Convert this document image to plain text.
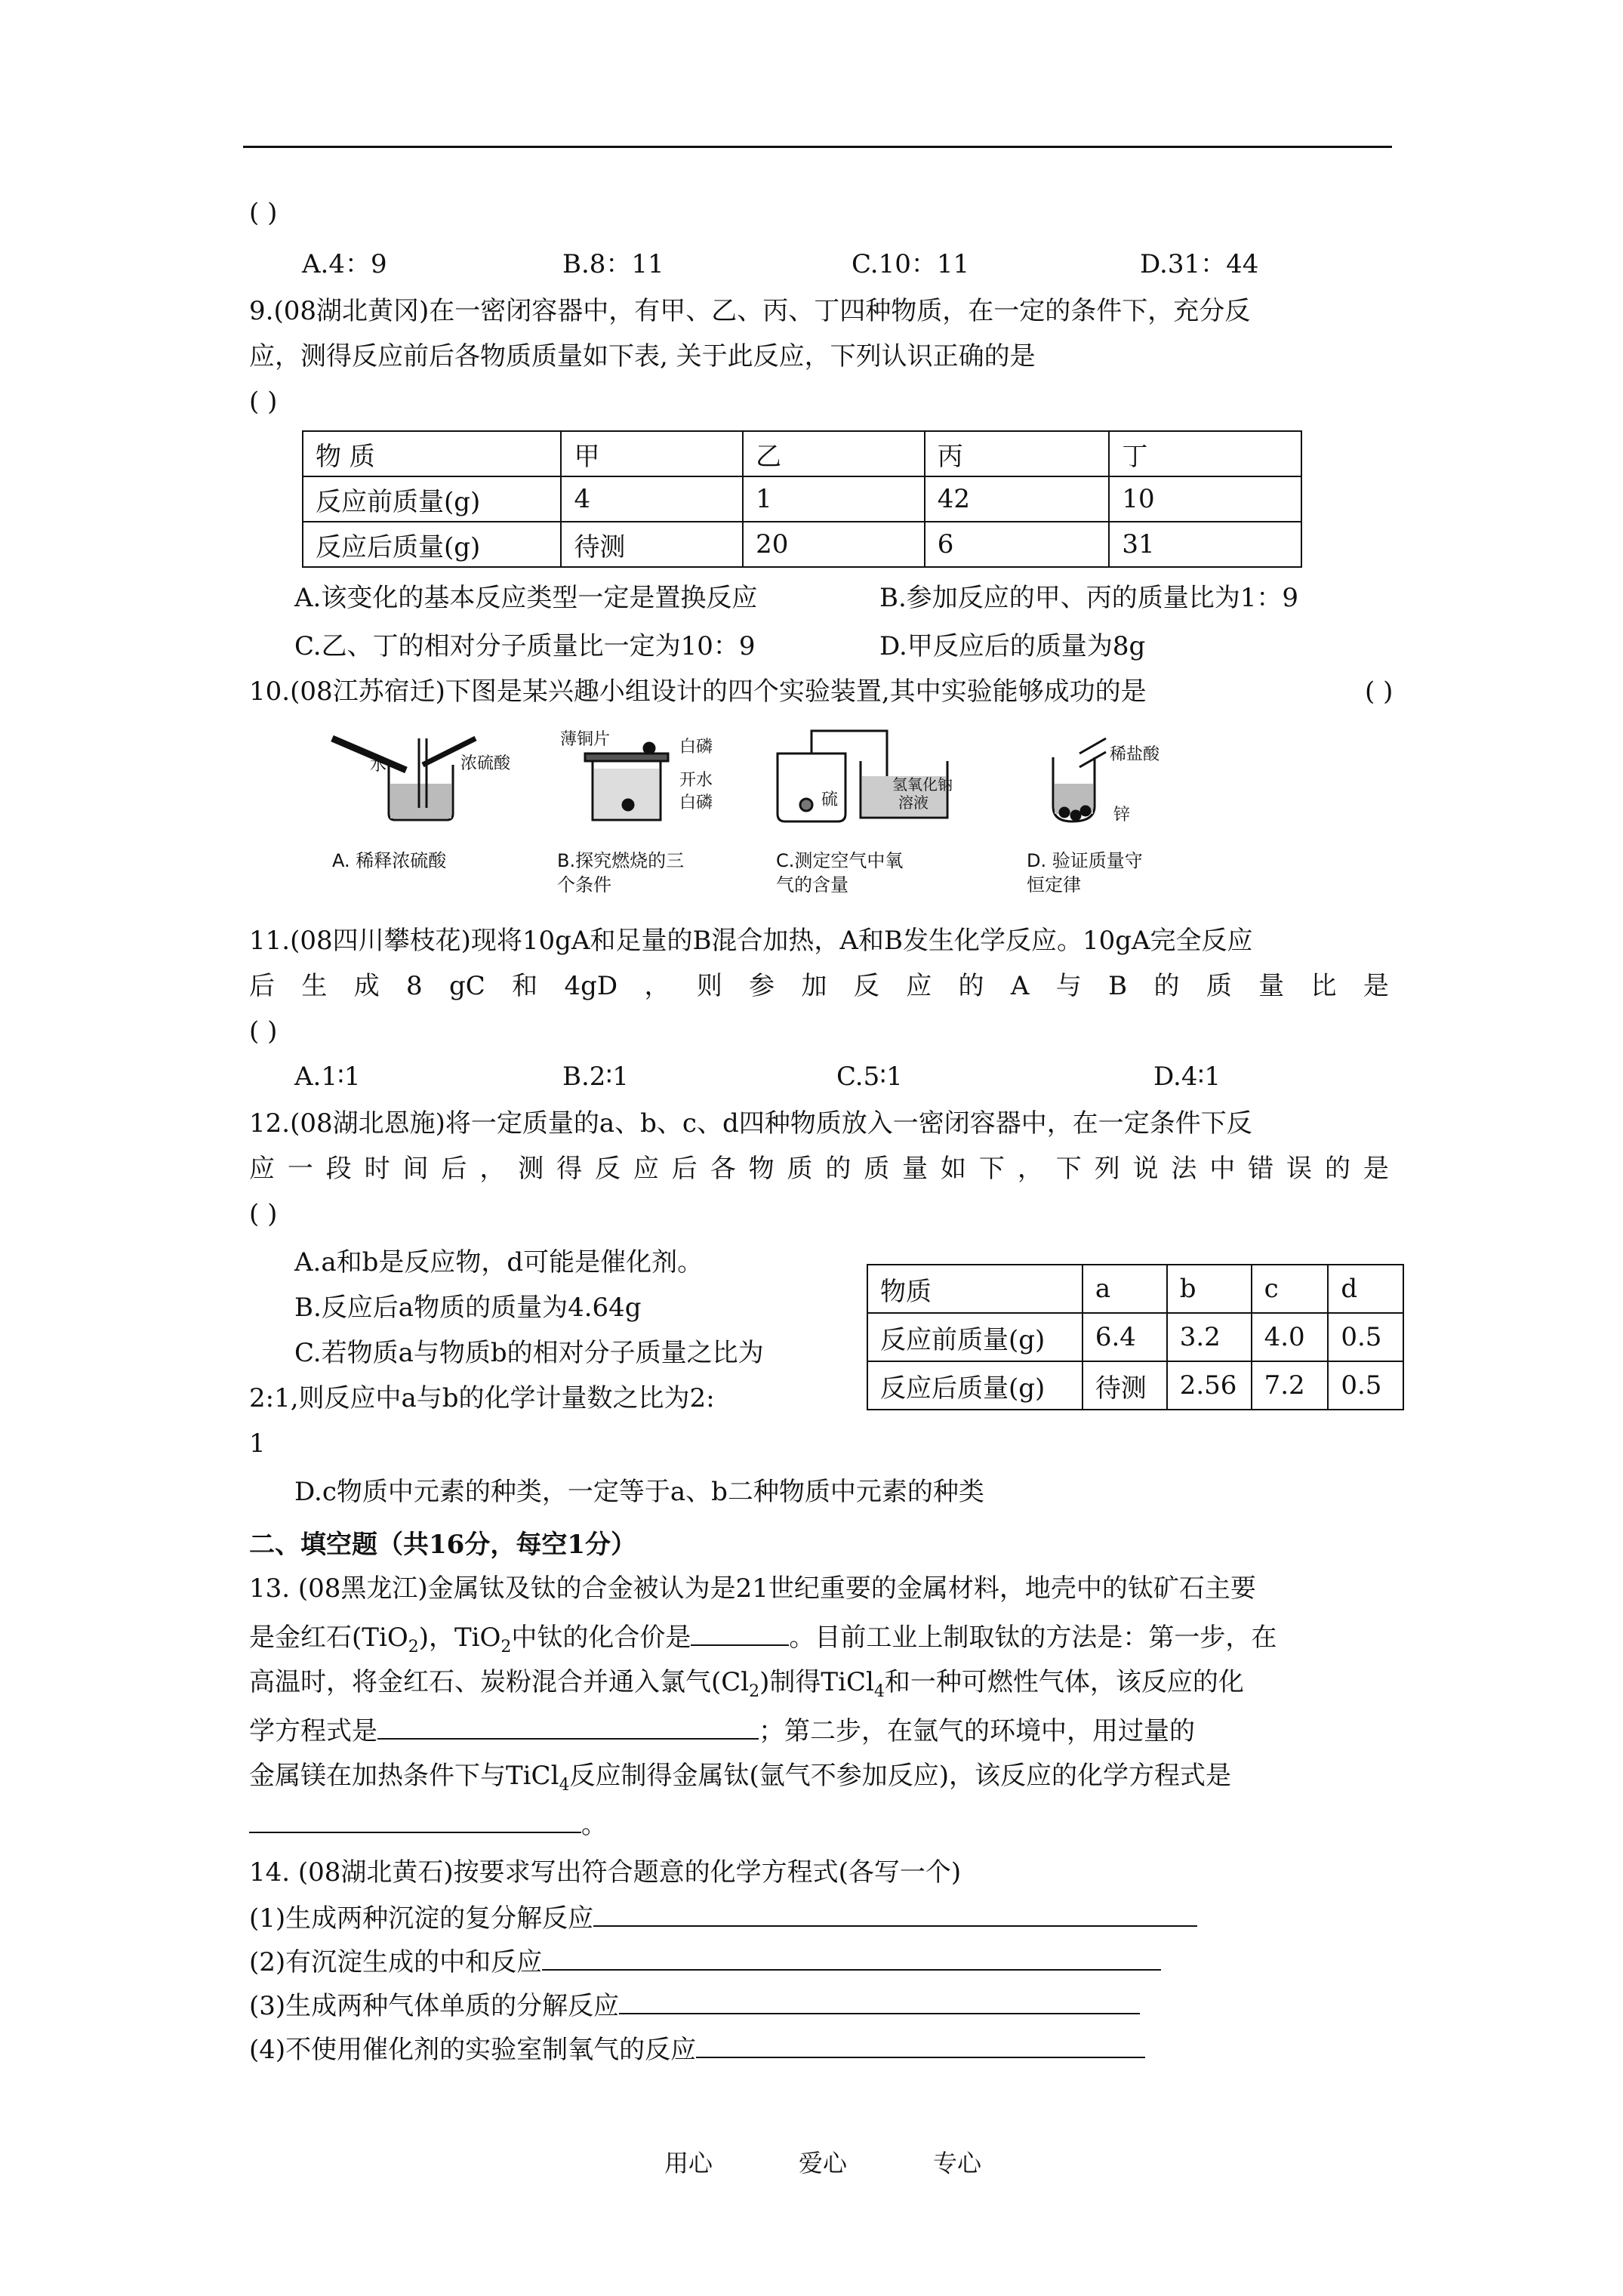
( )
A.4：9	B.8：11	C.10：11	D.31：44
9.(08湖北黄冈)在一密闭容器中，有甲、乙、丙、丁四种物质，在一定的条件下，充分反
应，测得反应前后各物质质量如下表, 关于此反应，下列认识正确的是
( )
物 质	甲	乙	丙	丁
反应前质量(g)	4	1	42	10
反应后质量(g)	待测	20	6	31
A.该变化的基本反应类型一定是置换反应	B.参加反应的甲、丙的质量比为1：9
C.乙、丁的相对分子质量比一定为10：9	D.甲反应后的质量为8g
10.(08江苏宿迁)下图是某兴趣小组设计的四个实验装置,其中实验能够成功的是	( )
水	浓硫酸
A. 稀释浓硫酸
薄铜片	白磷
开水
白磷
B.探究燃烧的三
个条件
硫
氢氧化钠
溶液
C.测定空气中氧
气的含量
稀盐酸
锌
D. 验证质量守
恒定律
11.(08四川攀枝花)现将10gA和足量的B混合加热，A和B发生化学反应。10gA完全反应
后 生 成 8 gC 和 4gD ， 则 参 加 反 应 的 A 与 B 的 质 量 比 是
( )
A.1∶1	B.2∶1	C.5∶1	D.4∶1
12.(08湖北恩施)将一定质量的a、b、c、d四种物质放入一密闭容器中，在一定条件下反
应 一 段 时 间 后 ， 测 得 反 应 后 各 物 质 的 质 量 如 下 ， 下 列 说 法 中 错 误 的 是
( )
A.a和b是反应物，d可能是催化剂。
B.反应后a物质的质量为4.64g
C.若物质a与物质b的相对分子质量之比为
2:1,则反应中a与b的化学计量数之比为2:
1
D.c物质中元素的种类，一定等于a、b二种物质中元素的种类
物质	a	b	c	d
反应前质量(g)	6.4	3.2	4.0	0.5
反应后质量(g)	待测	2.56	7.2	0.5
二、填空题（共16分，每空1分）
13. (08黑龙江)金属钛及钛的合金被认为是21世纪重要的金属材料，地壳中的钛矿石主要
是金红石(TiO$_2$)，TiO$_2$中钛的化合价是	。目前工业上制取钛的方法是：第一步，在
高温时，将金红石、炭粉混合并通入氯气$(Cl_2)$制得TiCl$_4$和一种可燃性气体，该反应的化
学方程式是	；第二步，在氩气的环境中，用过量的
金属镁在加热条件下与TiCl$_4$反应制得金属钛(氩气不参加反应)，该反应的化学方程式是
。
14. (08湖北黄石)按要求写出符合题意的化学方程式(各写一个)
(1)生成两种沉淀的复分解反应
(2)有沉淀生成的中和反应
(3)生成两种气体单质的分解反应
(4)不使用催化剂的实验室制氧气的反应
用心	爱心	专心
